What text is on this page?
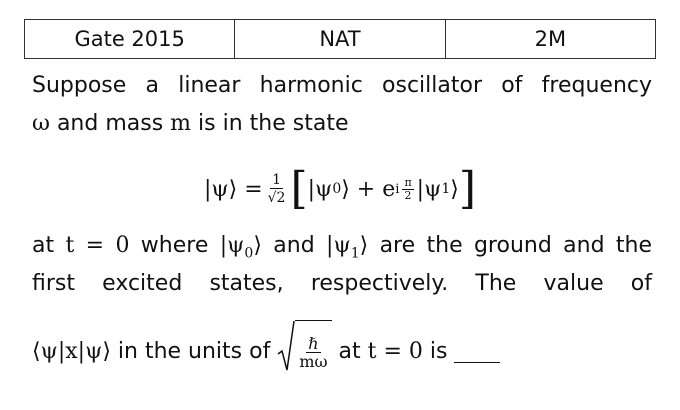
Gate 2015	NAT	2M
Suppose a linear harmonic oscillator of frequency
ω and mass m is in the state
|ψ⟩ = $\frac{1}{√2}$ [ |ψ 0 ⟩ + e i $\frac{\pi}{2} |\psi$ 1 ⟩ ]
at t = 0 where $|\psi_0⟩$ and $|\psi_1⟩$ are the ground and the
first excited states, respectively. The value of
⟨ψ|x|ψ⟩ in the units of $\frac{\text{ℏ}}{m\omega}$ at t = 0 is
